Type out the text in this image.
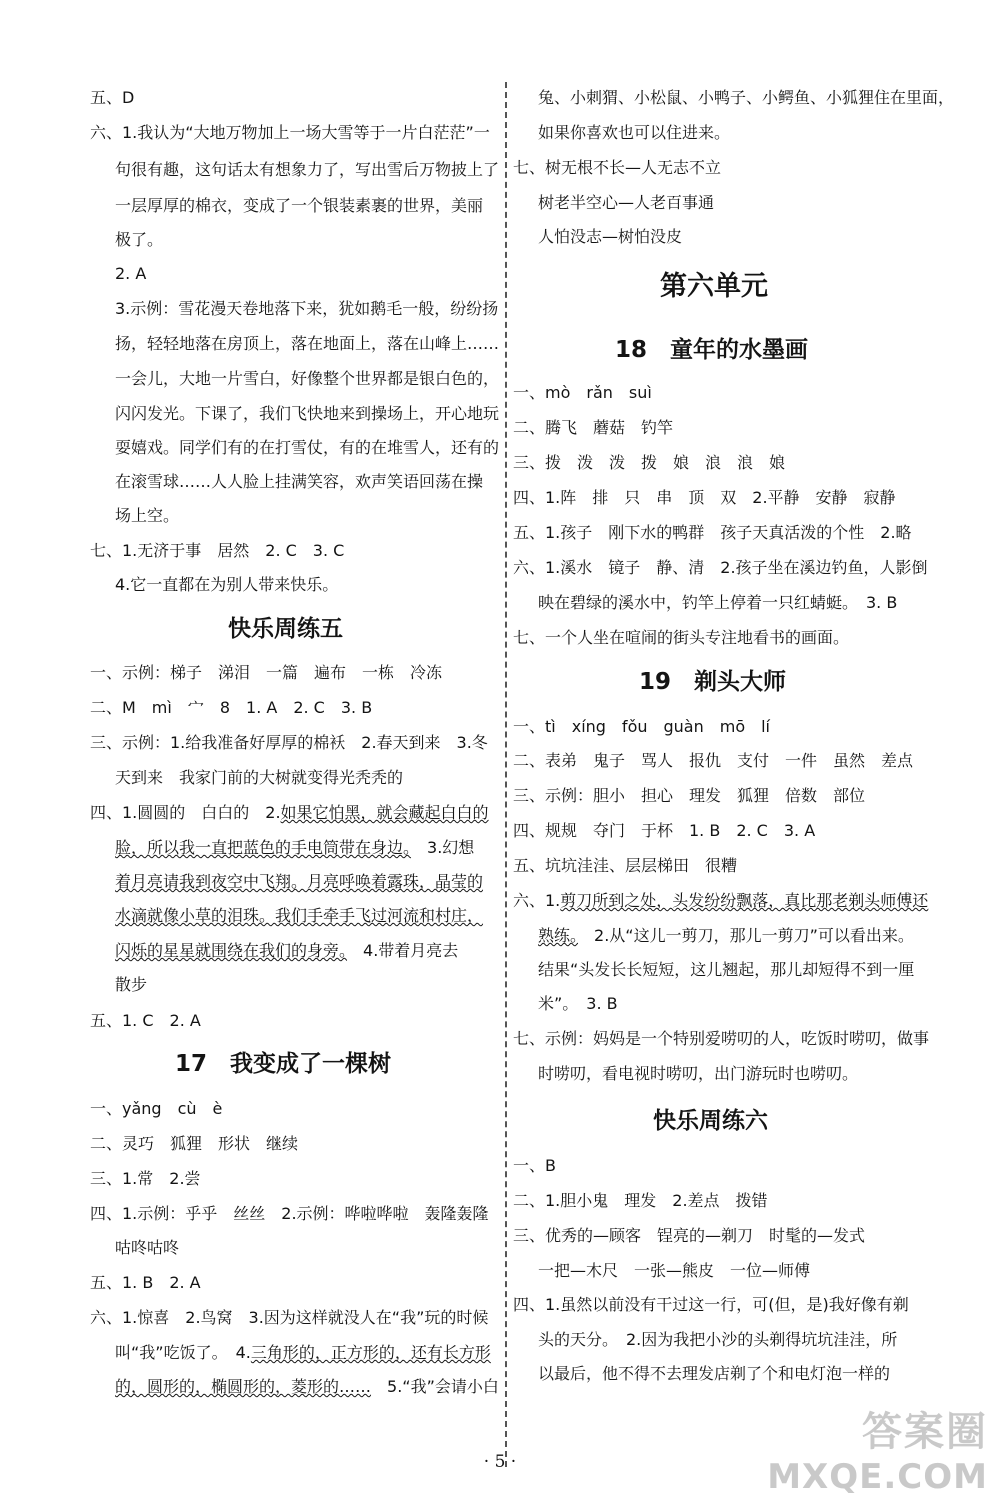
五、D
六、1.我认为“大地万物加上一场大雪等于一片白茫茫”一
句很有趣，这句话太有想象力了，写出雪后万物披上了
一层厚厚的棉衣，变成了一个银装素裹的世界，美丽
极了。
2. A
3.示例：雪花漫天卷地落下来，犹如鹅毛一般，纷纷扬
扬，轻轻地落在房顶上，落在地面上，落在山峰上……
一会儿，大地一片雪白，好像整个世界都是银白色的，
闪闪发光。下课了，我们飞快地来到操场上，开心地玩
耍嬉戏。同学们有的在打雪仗，有的在堆雪人，还有的
在滚雪球……人人脸上挂满笑容，欢声笑语回荡在操
场上空。
七、1.无济于事　居然　2. C　3. C
4.它一直都在为别人带来快乐。
快乐周练五
一、示例：梯子　涕泪　一篇　遍布　一栋　冷冻
二、M　mì　宀　8　1. A　2. C　3. B
三、示例：1.给我准备好厚厚的棉袄　2.春天到来　3.冬
天到来　我家门前的大树就变得光秃秃的
四、1.圆圆的　白白的　2.如果它怕黑，就会藏起白白的
脸，所以我一直把蓝色的手电筒带在身边。　3.幻想
着月亮请我到夜空中飞翔。月亮呼唤着露珠，晶莹的
水滴就像小草的泪珠。我们手牵手飞过河流和村庄，
闪烁的星星就围绕在我们的身旁。　4.带着月亮去
散步
五、1. C　2. A
17　我变成了一棵树
一、yǎng　cù　è
二、灵巧　狐狸　形状　继续
三、1.常　2.尝
四、1.示例：乎乎　丝丝　2.示例：哗啦哗啦　轰隆轰隆
咕咚咕咚
五、1. B　2. A
六、1.惊喜　2.鸟窝　3.因为这样就没人在“我”玩的时候
叫“我”吃饭了。　4.三角形的，正方形的，还有长方形
的，圆形的，椭圆形的，菱形的……　5.“我”会请小白
兔、小刺猬、小松鼠、小鸭子、小鳄鱼、小狐狸住在里面，
如果你喜欢也可以住进来。
七、树无根不长—人无志不立
树老半空心—人老百事通
人怕没志—树怕没皮
第六单元
18　童年的水墨画
一、mò　rǎn　suì
二、腾飞　蘑菇　钓竿
三、拨　泼　泼　拨　娘　浪　浪　娘
四、1.阵　排　只　串　顶　双　2.平静　安静　寂静
五、1.孩子　刚下水的鸭群　孩子天真活泼的个性　2.略
六、1.溪水　镜子　静、清　2.孩子坐在溪边钓鱼，人影倒
映在碧绿的溪水中，钓竿上停着一只红蜻蜓。　3. B
七、一个人坐在喧闹的街头专注地看书的画面。
19　剃头大师
一、tì　xíng　fǒu　guàn　mō　lí
二、表弟　鬼子　骂人　报仇　支付　一件　虽然　差点
三、示例：胆小　担心　理发　狐狸　倍数　部位
四、规规　夺门　于杯　1. B　2. C　3. A
五、坑坑洼洼、层层梯田　很糟
六、1.剪刀所到之处，头发纷纷飘落，真比那老剃头师傅还
熟练。　2.从“这儿一剪刀，那儿一剪刀”可以看出来。
结果“头发长长短短，这儿翘起，那儿却短得不到一厘
米”。　3. B
七、示例：妈妈是一个特别爱唠叨的人，吃饭时唠叨，做事
时唠叨，看电视时唠叨，出门游玩时也唠叨。
快乐周练六
一、B
二、1.胆小鬼　理发　2.差点　拨错
三、优秀的—顾客　锃亮的—剃刀　时髦的—发式
一把—木尺　一张—熊皮　一位—师傅
四、1.虽然以前没有干过这一行，可(但，是)我好像有剃
头的天分。　2.因为我把小沙的头剃得坑坑洼洼，所
以最后，他不得不去理发店剃了个和电灯泡一样的
· 5 ·
答案圈
MXQE.COM
